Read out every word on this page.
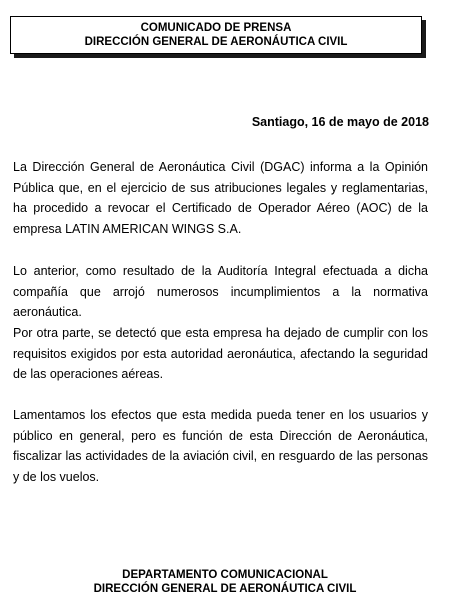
COMUNICADO DE PRENSA
DIRECCIÓN GENERAL DE AERONÁUTICA CIVIL
Santiago, 16 de mayo de 2018

La Dirección General de Aeronáutica Civil (DGAC) informa a la Opinión Pública que, en el ejercicio de sus atribuciones legales y reglamentarias, ha procedido a revocar el Certificado de Operador Aéreo (AOC) de la empresa LATIN AMERICAN WINGS S.A.

Lo anterior, como resultado de la Auditoría Integral efectuada a dicha compañía que arrojó numerosos incumplimientos a la normativa aeronáutica.

Por otra parte, se detectó que esta empresa ha dejado de cumplir con los requisitos exigidos por esta autoridad aeronáutica, afectando la seguridad de las operaciones aéreas.

Lamentamos los efectos que esta medida pueda tener en los usuarios y público en general, pero es función de esta Dirección de Aeronáutica, fiscalizar las actividades de la aviación civil, en resguardo de las personas y de los vuelos.

DEPARTAMENTO COMUNICACIONAL
DIRECCIÓN GENERAL DE AERONÁUTICA CIVIL
